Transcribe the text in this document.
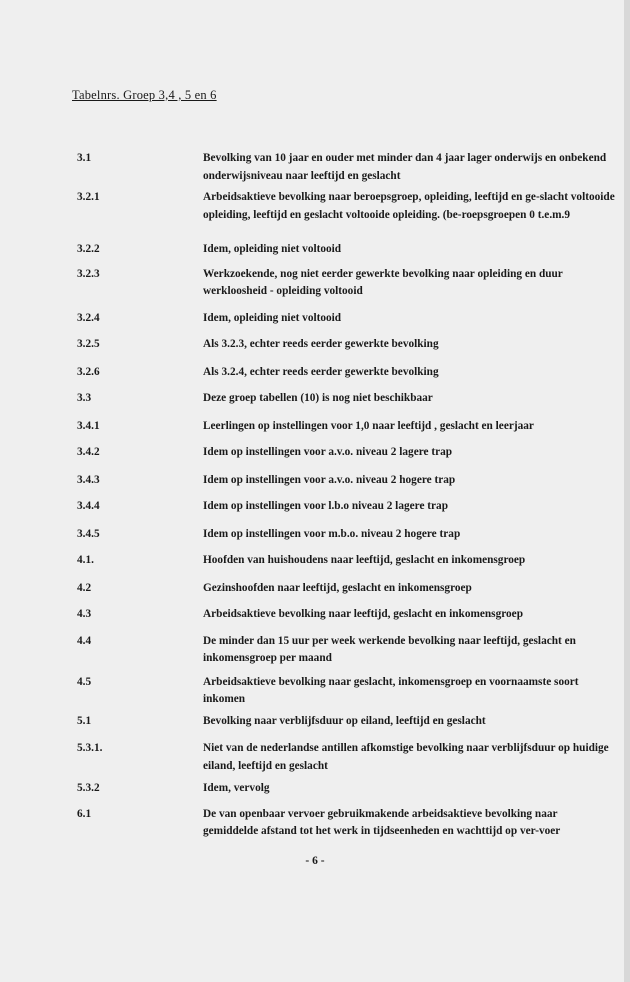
Tabelnrs. Groep 3,4 , 5 en 6
3.1	Bevolking van 10 jaar en ouder met minder dan 4 jaar lager onderwijs en onbekend onderwijsniveau naar leeftijd en geslacht
3.2.1	Arbeidsaktieve bevolking naar beroepsgroep, opleiding, leeftijd en ge-slacht voltooide opleiding, leeftijd en geslacht voltooide opleiding. (be-roepsgroepen 0 t.e.m.9
3.2.2	Idem, opleiding niet voltooid
3.2.3	Werkzoekende, nog niet eerder gewerkte bevolking naar opleiding en duur werkloosheid - opleiding voltooid
3.2.4	Idem, opleiding niet voltooid
3.2.5	Als 3.2.3, echter reeds eerder gewerkte bevolking
3.2.6	Als 3.2.4, echter reeds eerder gewerkte bevolking
3.3	Deze groep tabellen (10) is nog niet beschikbaar
3.4.1	Leerlingen op instellingen voor 1,0 naar leeftijd , geslacht en leerjaar
3.4.2	Idem op instellingen voor a.v.o. niveau 2 lagere trap
3.4.3	Idem op instellingen voor a.v.o. niveau 2 hogere trap
3.4.4	Idem op instellingen voor l.b.o niveau 2 lagere trap
3.4.5	Idem op instellingen voor m.b.o. niveau 2 hogere trap
4.1.	Hoofden van huishoudens naar leeftijd, geslacht en inkomensgroep
4.2	Gezinshoofden naar leeftijd, geslacht en inkomensgroep
4.3	Arbeidsaktieve bevolking naar leeftijd, geslacht en inkomensgroep
4.4	De minder dan 15 uur per week werkende bevolking naar leeftijd, geslacht en inkomensgroep per maand
4.5	Arbeidsaktieve bevolking naar geslacht, inkomensgroep en voornaamste soort inkomen
5.1	Bevolking naar verblijfsduur op eiland, leeftijd en geslacht
5.3.1.	Niet van de nederlandse antillen afkomstige bevolking naar verblijfsduur op huidige eiland, leeftijd en geslacht
5.3.2	Idem, vervolg
6.1	De van openbaar vervoer gebruikmakende arbeidsaktieve bevolking naar gemiddelde afstand tot het werk in tijdseenheden en wachttijd op ver-voer
- 6 -
